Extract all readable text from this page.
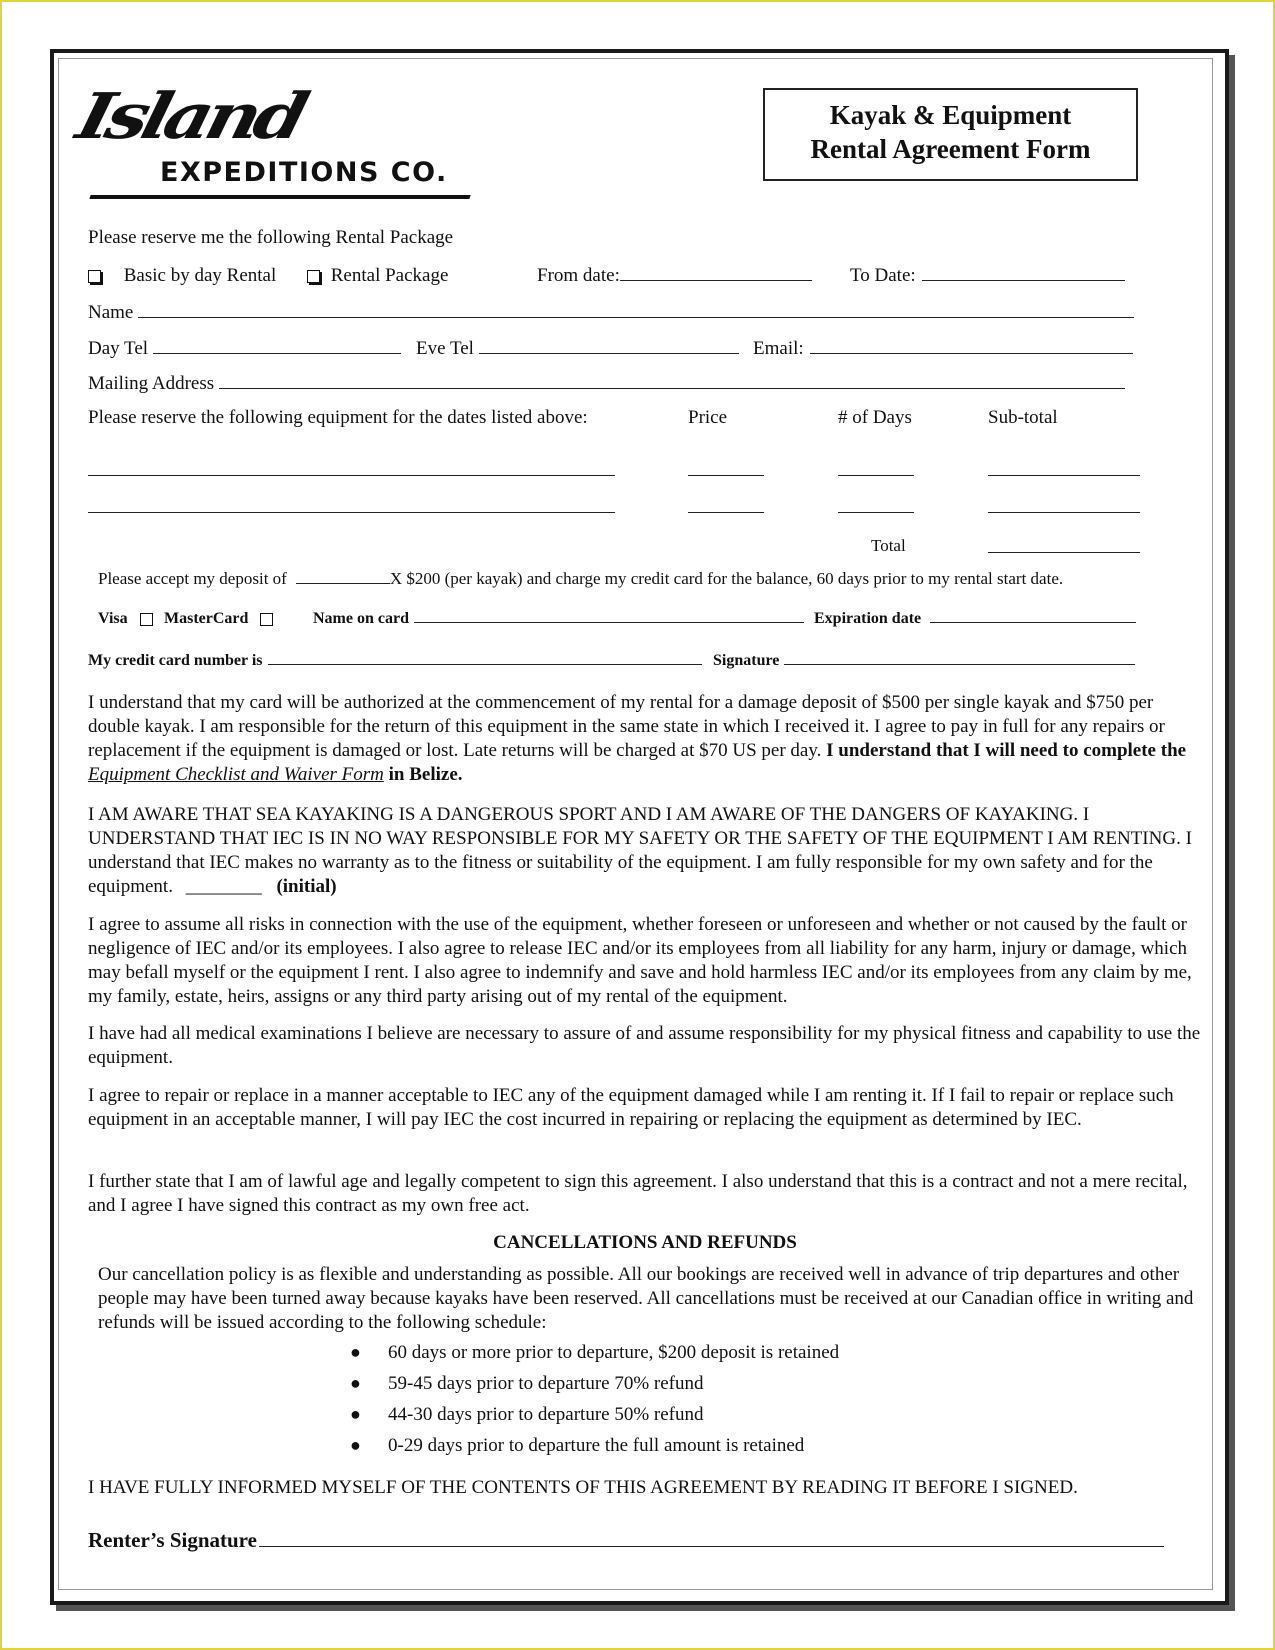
Island
EXPEDITIONS CO.
Kayak & Equipment
Rental Agreement Form
Please reserve me the following Rental Package
Basic by day Rental	Rental Package	From date:	To Date:
Name
Day Tel	Eve Tel	Email:
Mailing Address
Please reserve the following equipment for the dates listed above:	Price	# of Days	Sub-total
Total
Please accept my deposit of	X $200 (per kayak) and charge my credit card for the balance, 60 days prior to my rental start date.
Visa	MasterCard	Name on card	Expiration date
My credit card number is	Signature
I understand that my card will be authorized at the commencement of my rental for a damage deposit of $500 per single kayak and $750 per double kayak. I am responsible for the return of this equipment in the same state in which I received it. I agree to pay in full for any repairs or replacement if the equipment is damaged or lost. Late returns will be charged at $70 US per day. I understand that I will need to complete the Equipment Checklist and Waiver Form in Belize.
I AM AWARE THAT SEA KAYAKING IS A DANGEROUS SPORT AND I AM AWARE OF THE DANGERS OF KAYAKING. I UNDERSTAND THAT IEC IS IN NO WAY RESPONSIBLE FOR MY SAFETY OR THE SAFETY OF THE EQUIPMENT I AM RENTING. I understand that IEC makes no warranty as to the fitness or suitability of the equipment. I am fully responsible for my own safety and for the equipment. ________ (initial)
I agree to assume all risks in connection with the use of the equipment, whether foreseen or unforeseen and whether or not caused by the fault or negligence of IEC and/or its employees. I also agree to release IEC and/or its employees from all liability for any harm, injury or damage, which may befall myself or the equipment I rent. I also agree to indemnify and save and hold harmless IEC and/or its employees from any claim by me, my family, estate, heirs, assigns or any third party arising out of my rental of the equipment.
I have had all medical examinations I believe are necessary to assure of and assume responsibility for my physical fitness and capability to use the equipment.
I agree to repair or replace in a manner acceptable to IEC any of the equipment damaged while I am renting it. If I fail to repair or replace such equipment in an acceptable manner, I will pay IEC the cost incurred in repairing or replacing the equipment as determined by IEC.
I further state that I am of lawful age and legally competent to sign this agreement. I also understand that this is a contract and not a mere recital, and I agree I have signed this contract as my own free act.
CANCELLATIONS AND REFUNDS
Our cancellation policy is as flexible and understanding as possible. All our bookings are received well in advance of trip departures and other people may have been turned away because kayaks have been reserved. All cancellations must be received at our Canadian office in writing and refunds will be issued according to the following schedule:
● 60 days or more prior to departure, $200 deposit is retained
● 59-45 days prior to departure 70% refund
● 44-30 days prior to departure 50% refund
● 0-29 days prior to departure the full amount is retained
I HAVE FULLY INFORMED MYSELF OF THE CONTENTS OF THIS AGREEMENT BY READING IT BEFORE I SIGNED.
Renter’s Signature
